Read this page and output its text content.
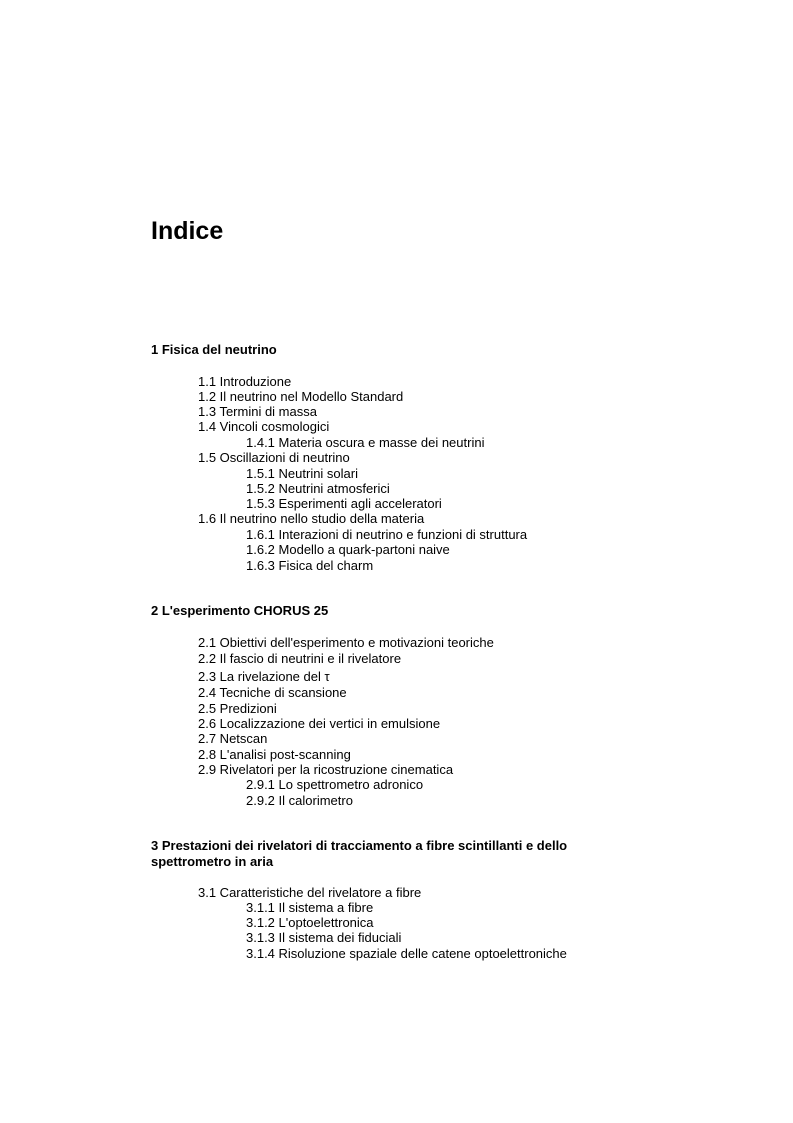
Indice

1 Fisica del neutrino

1.1 Introduzione

1.2 Il neutrino nel Modello Standard

1.3 Termini di massa

1.4 Vincoli cosmologici

1.4.1 Materia oscura e masse dei neutrini

1.5 Oscillazioni di neutrino

1.5.1 Neutrini solari

1.5.2 Neutrini atmosferici

1.5.3 Esperimenti agli acceleratori

1.6 Il neutrino nello studio della materia

1.6.1 Interazioni di neutrino e funzioni di struttura

1.6.2 Modello a quark-partoni naive

1.6.3 Fisica del charm

2 L'esperimento CHORUS 25

2.1 Obiettivi dell'esperimento e motivazioni teoriche

2.2 Il fascio di neutrini e il rivelatore

2.3 La rivelazione del τ

2.4 Tecniche di scansione

2.5 Predizioni

2.6 Localizzazione dei vertici in emulsione

2.7 Netscan

2.8 L'analisi post-scanning

2.9 Rivelatori per la ricostruzione cinematica

2.9.1 Lo spettrometro adronico

2.9.2 Il calorimetro

3 Prestazioni dei rivelatori di tracciamento a fibre scintillanti e dello spettrometro in aria

3.1 Caratteristiche del rivelatore a fibre

3.1.1 Il sistema a fibre

3.1.2 L'optoelettronica

3.1.3 Il sistema dei fiduciali

3.1.4 Risoluzione spaziale delle catene optoelettroniche
